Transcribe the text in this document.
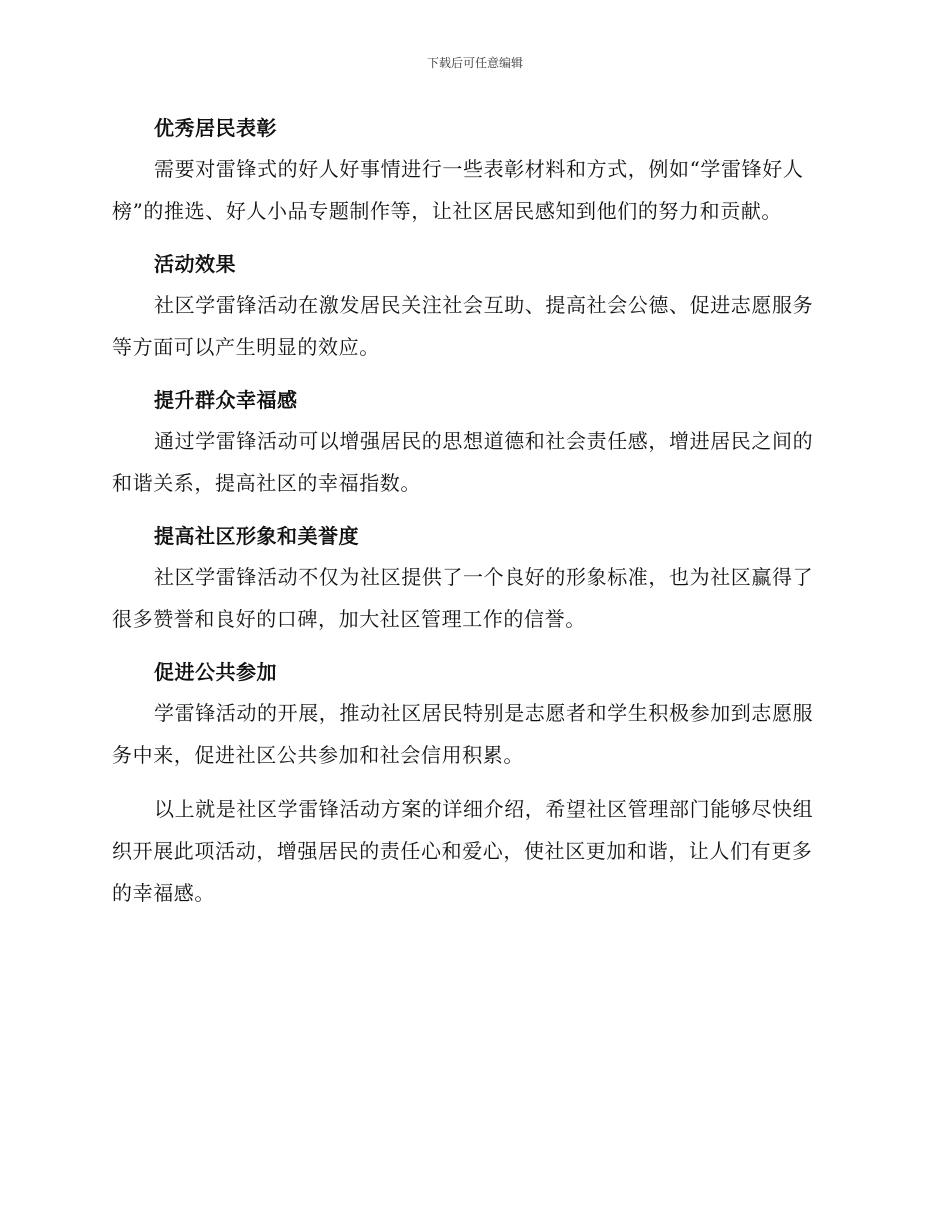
下载后可任意编辑

优秀居民表彰

需要对雷锋式的好人好事情进行一些表彰材料和方式，例如“学雷锋好人榜”的推选、好人小品专题制作等，让社区居民感知到他们的努力和贡献。

活动效果

社区学雷锋活动在激发居民关注社会互助、提高社会公德、促进志愿服务等方面可以产生明显的效应。

提升群众幸福感

通过学雷锋活动可以增强居民的思想道德和社会责任感，增进居民之间的和谐关系，提高社区的幸福指数。

提高社区形象和美誉度

社区学雷锋活动不仅为社区提供了一个良好的形象标准，也为社区赢得了很多赞誉和良好的口碑，加大社区管理工作的信誉。

促进公共参加

学雷锋活动的开展，推动社区居民特别是志愿者和学生积极参加到志愿服务中来，促进社区公共参加和社会信用积累。

以上就是社区学雷锋活动方案的详细介绍，希望社区管理部门能够尽快组织开展此项活动，增强居民的责任心和爱心，使社区更加和谐，让人们有更多的幸福感。
